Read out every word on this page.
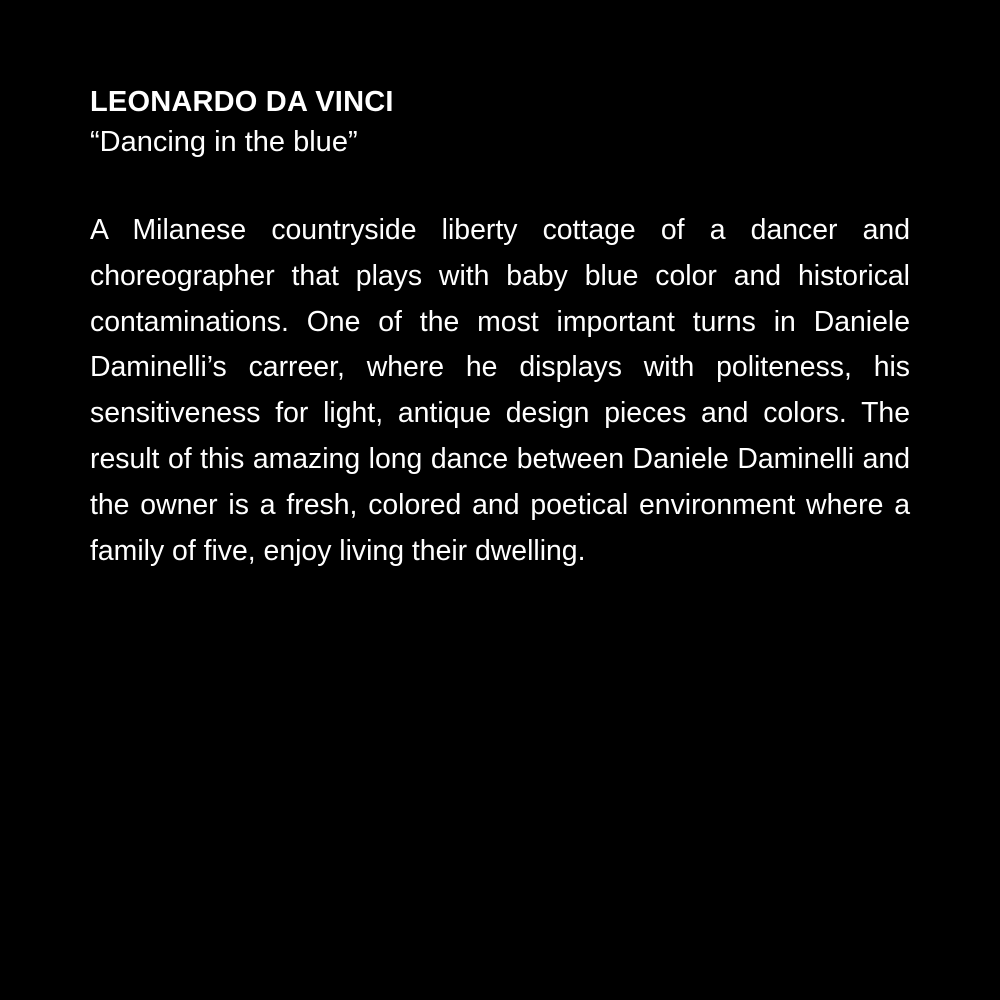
LEONARDO DA VINCI

“Dancing in the blue”

A Milanese countryside liberty cottage of a dancer and choreographer that plays with baby blue color and historical contaminations. One of the most important turns in Daniele Daminelli’s carreer, where he displays with politeness, his sensitiveness for light, antique design pieces and colors. The result of this amazing long dance between Daniele Daminelli and the owner is a fresh, colored and poetical environment where a family of five, enjoy living their dwelling.
